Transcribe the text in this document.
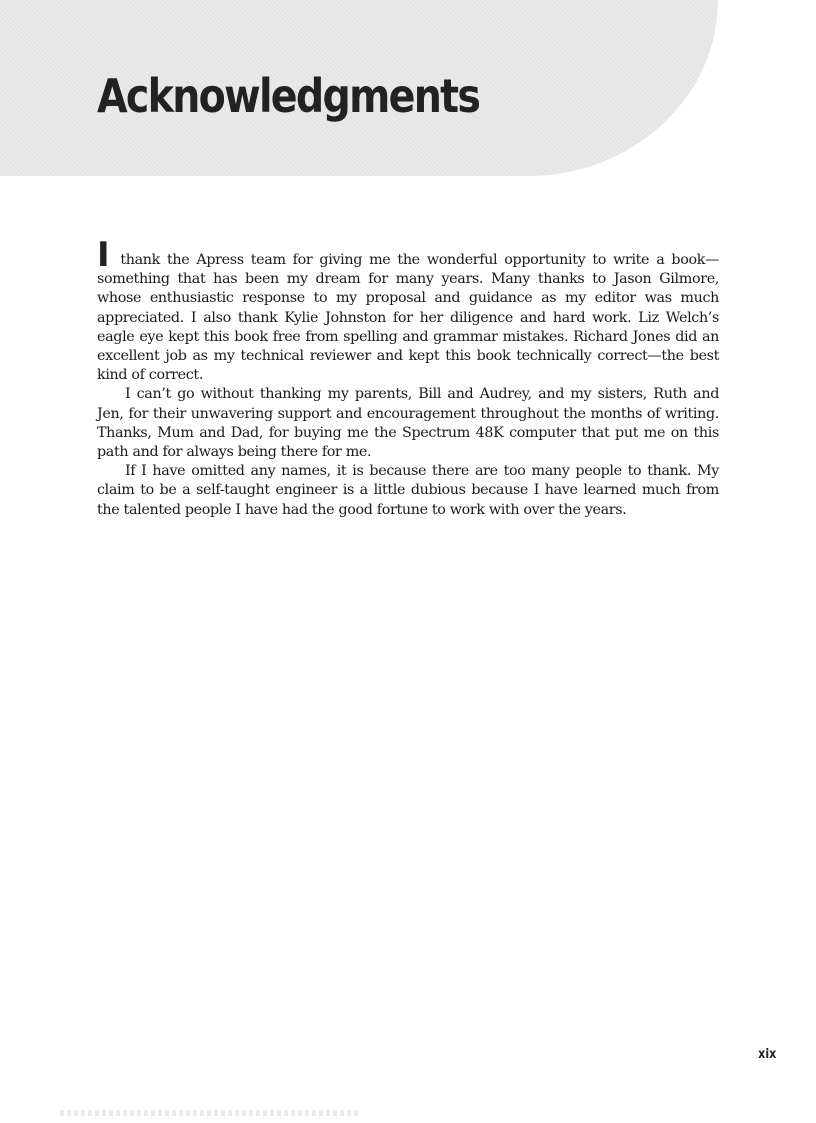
Acknowledgments

I thank the Apress team for giving me the wonderful opportunity to write a book—something that has been my dream for many years. Many thanks to Jason Gilmore, whose enthusiastic response to my proposal and guidance as my editor was much appreciated. I also thank Kylie Johnston for her diligence and hard work. Liz Welch’s eagle eye kept this book free from spelling and grammar mistakes. Richard Jones did an excellent job as my technical reviewer and kept this book technically correct—the best kind of correct.

I can’t go without thanking my parents, Bill and Audrey, and my sisters, Ruth and Jen, for their unwavering support and encouragement throughout the months of writing. Thanks, Mum and Dad, for buying me the Spectrum 48K computer that put me on this path and for always being there for me.

If I have omitted any names, it is because there are too many people to thank. My claim to be a self-taught engineer is a little dubious because I have learned much from the talented people I have had the good fortune to work with over the years.

xix
